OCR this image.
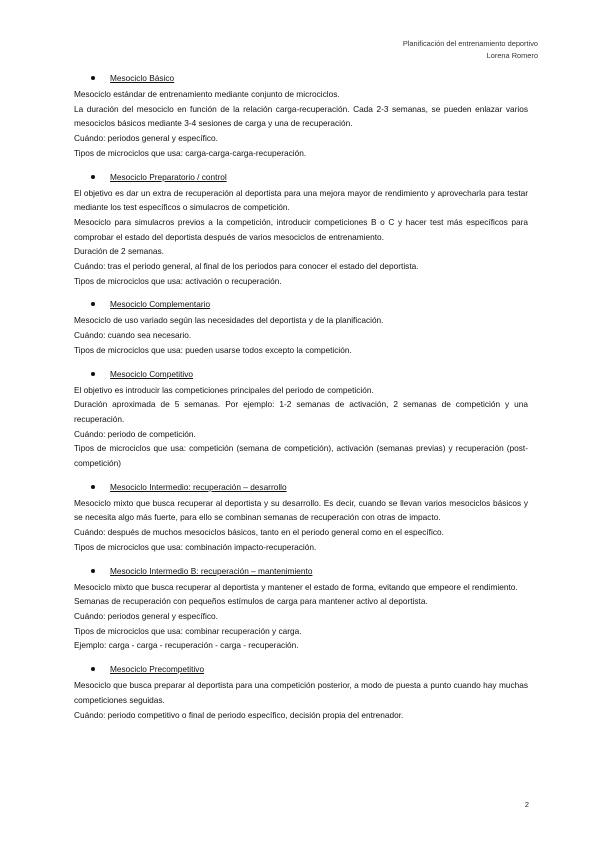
Planificación del entrenamiento deportivo
Lorena Romero
Mesociclo Básico

Mesociclo estándar de entrenamiento mediante conjunto de microciclos.

La duración del mesociclo en función de la relación carga-recuperación. Cada 2-3 semanas, se pueden enlazar varios mesociclos básicos mediante 3-4 sesiones de carga y una de recuperación.

Cuándo: periodos general y específico.

Tipos de microciclos que usa: carga-carga-carga-recuperación.

Mesociclo Preparatorio / control

El objetivo es dar un extra de recuperación al deportista para una mejora mayor de rendimiento y aprovecharla para testar mediante los test específicos o simulacros de competición.

Mesociclo para simulacros previos a la competición, introducir competiciones B o C y hacer test más específicos para comprobar el estado del deportista después de varios mesociclos de entrenamiento.

Duración de 2 semanas.

Cuándo: tras el periodo general, al final de los periodos para conocer el estado del deportista.

Tipos de microciclos que usa: activación o recuperación.

Mesociclo Complementario

Mesociclo de uso variado según las necesidades del deportista y de la planificación.

Cuándo: cuando sea necesario.

Tipos de microciclos que usa: pueden usarse todos excepto la competición.

Mesociclo Competitivo

El objetivo es introducir las competiciones principales del periodo de competición.

Duración aproximada de 5 semanas. Por ejemplo: 1-2 semanas de activación, 2 semanas de competición y una recuperación.

Cuándo: periodo de competición.

Tipos de microciclos que usa: competición (semana de competición), activación (semanas previas) y recuperación (post-competición)

Mesociclo Intermedio: recuperación – desarrollo

Mesociclo mixto que busca recuperar al deportista y su desarrollo. Es decir, cuando se llevan varios mesociclos básicos y se necesita algo más fuerte, para ello se combinan semanas de recuperación con otras de impacto.

Cuándo: después de muchos mesociclos básicos, tanto en el periodo general como en el específico.

Tipos de microciclos que usa: combinación impacto-recuperación.

Mesociclo Intermedio B: recuperación – mantenimiento

Mesociclo mixto que busca recuperar al deportista y mantener el estado de forma, evitando que empeore el rendimiento.

Semanas de recuperación con pequeños estímulos de carga para mantener activo al deportista.

Cuándo: periodos general y específico.

Tipos de microciclos que usa: combinar recuperación y carga.

Ejemplo: carga - carga - recuperación - carga - recuperación.

Mesociclo Precompetitivo

Mesociclo que busca preparar al deportista para una competición posterior, a modo de puesta a punto cuando hay muchas competiciones seguidas.

Cuándo: periodo competitivo o final de periodo específico, decisión propia del entrenador.

2
